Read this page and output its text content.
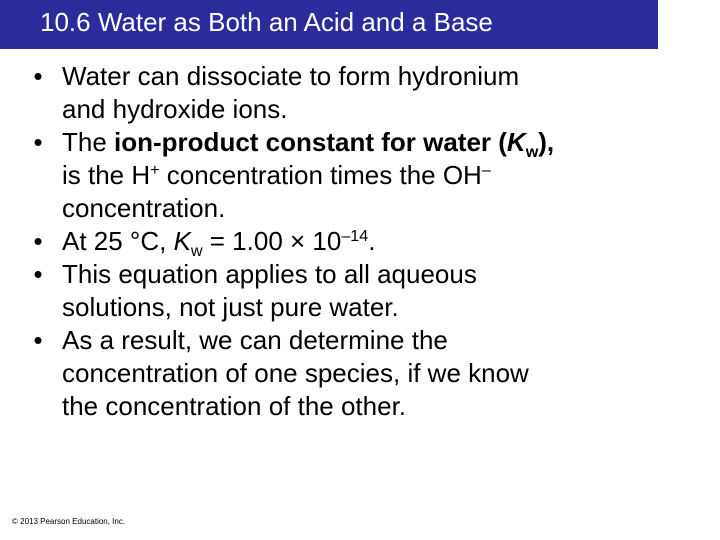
10.6 Water as Both an Acid and a Base
• Water can dissociate to form hydronium
and hydroxide ions.
• The ion-product constant for water $(K_w)$,
is the H+ concentration times the OH–
concentration.
• At 25 °C, $K_w = 1.00 \times 10^{-14}$.
• This equation applies to all aqueous
solutions, not just pure water.
• As a result, we can determine the
concentration of one species, if we know
the concentration of the other.
© 2013 Pearson Education, Inc.
